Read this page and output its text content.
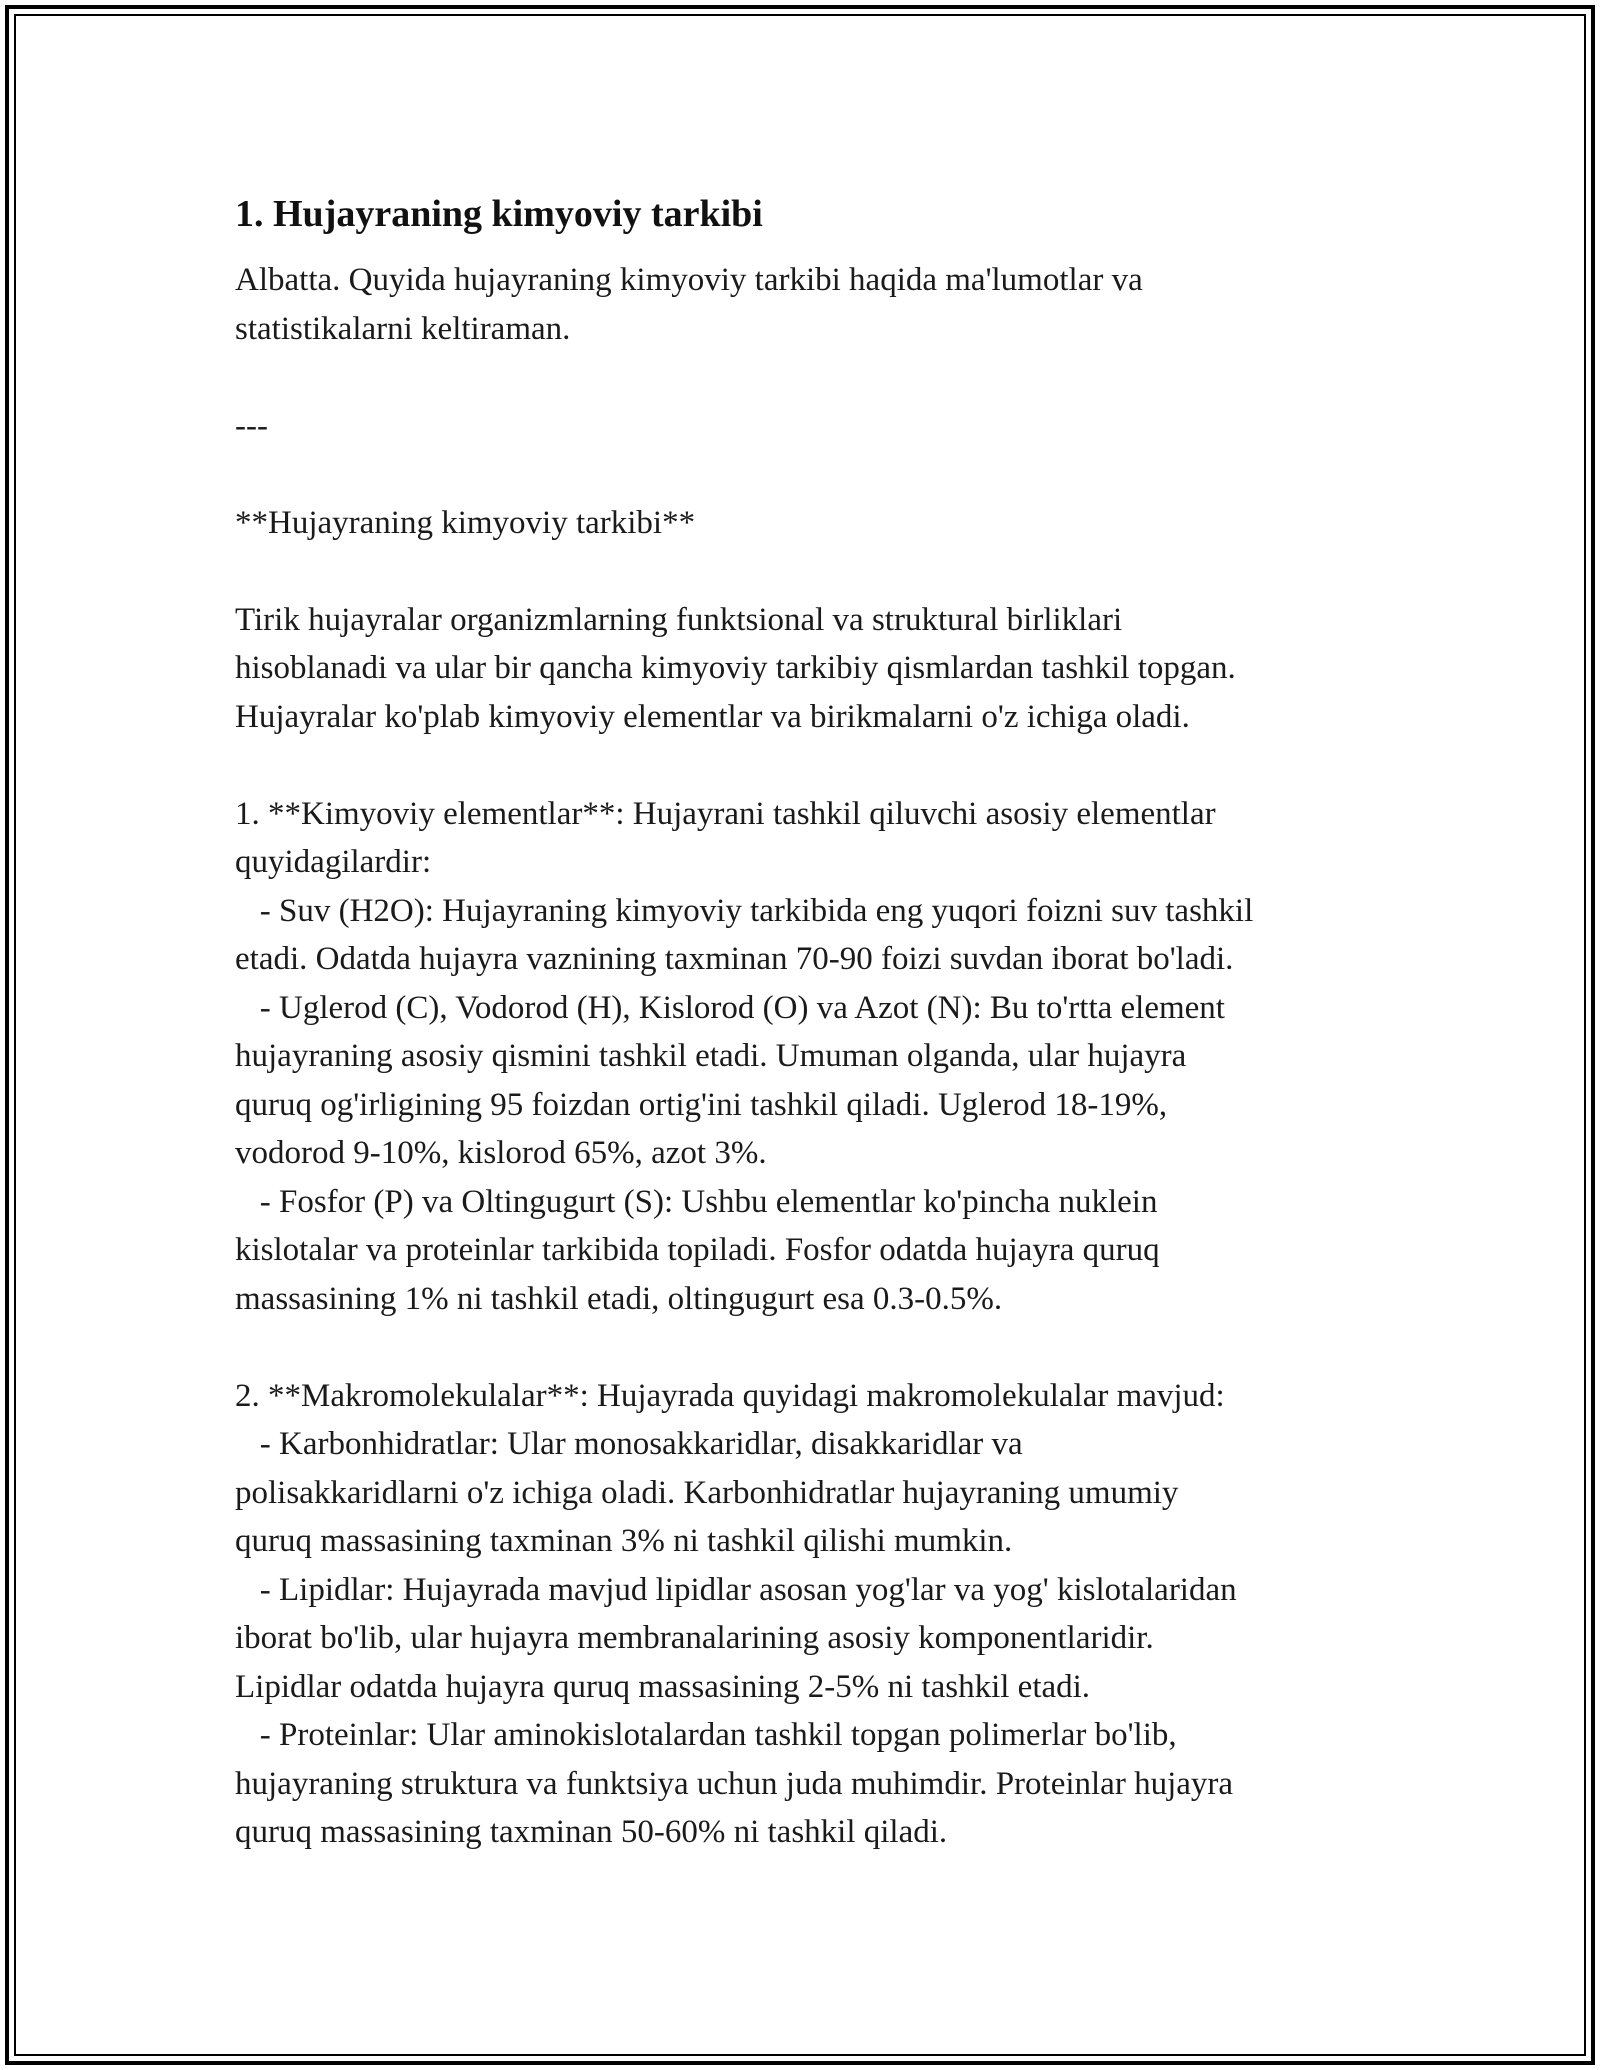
1. Hujayraning kimyoviy tarkibi

Albatta. Quyida hujayraning kimyoviy tarkibi haqida ma'lumotlar va
statistikalarni keltiraman.

---

**Hujayraning kimyoviy tarkibi**

Tirik hujayralar organizmlarning funktsional va struktural birliklari
hisoblanadi va ular bir qancha kimyoviy tarkibiy qismlardan tashkil topgan.
Hujayralar ko'plab kimyoviy elementlar va birikmalarni o'z ichiga oladi.

1. **Kimyoviy elementlar**: Hujayrani tashkil qiluvchi asosiy elementlar
quyidagilardir:
- Suv (H2O): Hujayraning kimyoviy tarkibida eng yuqori foizni suv tashkil
etadi. Odatda hujayra vaznining taxminan 70-90 foizi suvdan iborat bo'ladi.
- Uglerod (C), Vodorod (H), Kislorod (O) va Azot (N): Bu to'rtta element
hujayraning asosiy qismini tashkil etadi. Umuman olganda, ular hujayra
quruq og'irligining 95 foizdan ortig'ini tashkil qiladi. Uglerod 18-19%,
vodorod 9-10%, kislorod 65%, azot 3%.
- Fosfor (P) va Oltingugurt (S): Ushbu elementlar ko'pincha nuklein
kislotalar va proteinlar tarkibida topiladi. Fosfor odatda hujayra quruq
massasining 1% ni tashkil etadi, oltingugurt esa 0.3-0.5%.

2. **Makromolekulalar**: Hujayrada quyidagi makromolekulalar mavjud:
- Karbonhidratlar: Ular monosakkaridlar, disakkaridlar va
polisakkaridlarni o'z ichiga oladi. Karbonhidratlar hujayraning umumiy
quruq massasining taxminan 3% ni tashkil qilishi mumkin.
- Lipidlar: Hujayrada mavjud lipidlar asosan yog'lar va yog' kislotalaridan
iborat bo'lib, ular hujayra membranalarining asosiy komponentlaridir.
Lipidlar odatda hujayra quruq massasining 2-5% ni tashkil etadi.
- Proteinlar: Ular aminokislotalardan tashkil topgan polimerlar bo'lib,
hujayraning struktura va funktsiya uchun juda muhimdir. Proteinlar hujayra
quruq massasining taxminan 50-60% ni tashkil qiladi.
